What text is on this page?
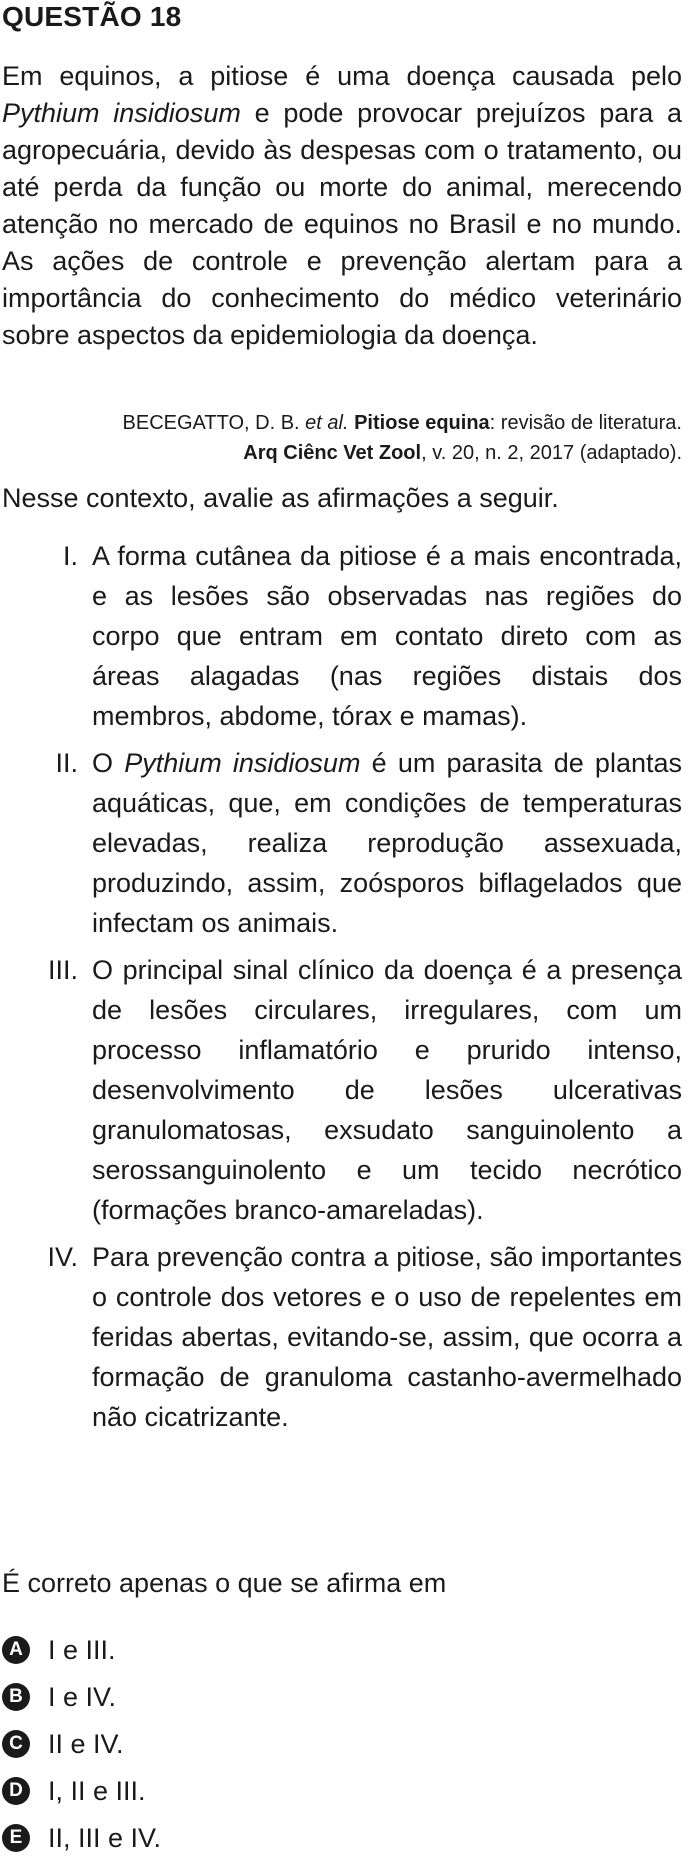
QUESTÃO 18
Em equinos, a pitiose é uma doença causada pelo Pythium insidiosum e pode provocar prejuízos para a agropecuária, devido às despesas com o tratamento, ou até perda da função ou morte do animal, merecendo atenção no mercado de equinos no Brasil e no mundo. As ações de controle e prevenção alertam para a importância do conhecimento do médico veterinário sobre aspectos da epidemiologia da doença.
BECEGATTO, D. B. et al. Pitiose equina: revisão de literatura.
Arq Ciênc Vet Zool, v. 20, n. 2, 2017 (adaptado).
Nesse contexto, avalie as afirmações a seguir.
I. A forma cutânea da pitiose é a mais encontrada, e as lesões são observadas nas regiões do corpo que entram em contato direto com as áreas alagadas (nas regiões distais dos membros, abdome, tórax e mamas).
II. O Pythium insidiosum é um parasita de plantas aquáticas, que, em condições de temperaturas elevadas, realiza reprodução assexuada, produzindo, assim, zoósporos biflagelados que infectam os animais.
III. O principal sinal clínico da doença é a presença de lesões circulares, irregulares, com um processo inflamatório e prurido intenso, desenvolvimento de lesões ulcerativas granulomatosas, exsudato sanguinolento a serossanguinolento e um tecido necrótico (formações branco-amareladas).
IV. Para prevenção contra a pitiose, são importantes o controle dos vetores e o uso de repelentes em feridas abertas, evitando-se, assim, que ocorra a formação de granuloma castanho-avermelhado não cicatrizante.
É correto apenas o que se afirma em
A I e III.
B I e IV.
C II e IV.
D I, II e III.
E II, III e IV.
